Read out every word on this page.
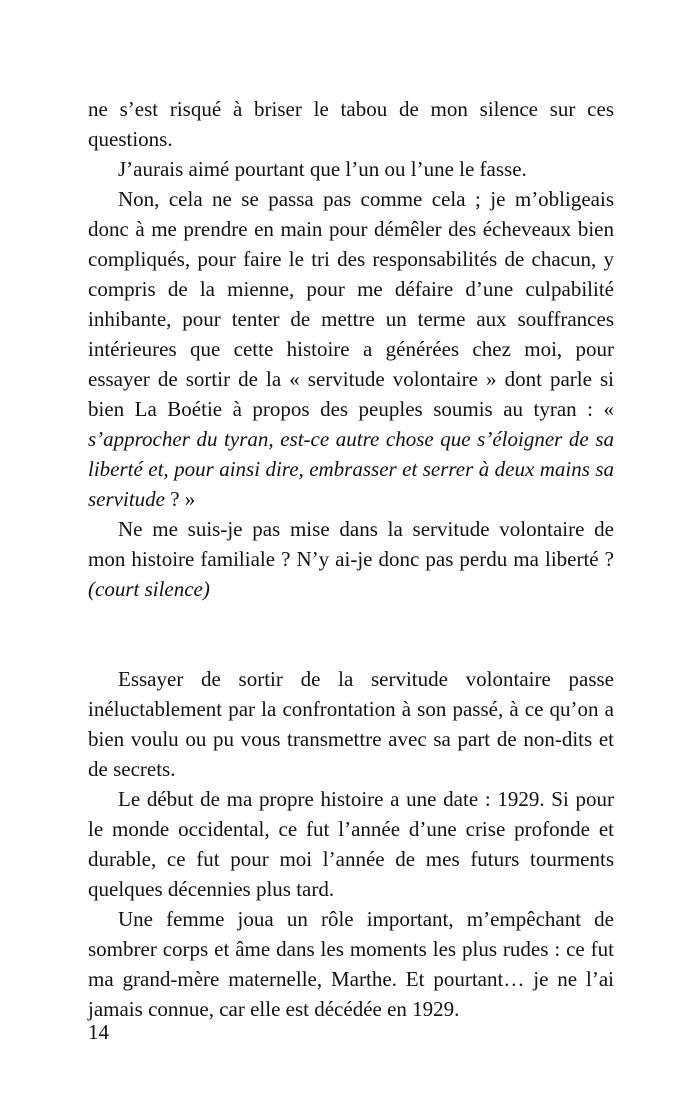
ne s’est risqué à briser le tabou de mon silence sur ces questions.

J’aurais aimé pourtant que l’un ou l’une le fasse.

Non, cela ne se passa pas comme cela ; je m’obligeais donc à me prendre en main pour démêler des écheveaux bien compliqués, pour faire le tri des responsabilités de chacun, y compris de la mienne, pour me défaire d’une culpabilité inhibante, pour tenter de mettre un terme aux souffrances intérieures que cette histoire a générées chez moi, pour essayer de sortir de la « servitude volontaire » dont parle si bien La Boétie à propos des peuples soumis au tyran : « s’approcher du tyran, est-ce autre chose que s’éloigner de sa liberté et, pour ainsi dire, embrasser et serrer à deux mains sa servitude ? »

Ne me suis-je pas mise dans la servitude volontaire de mon histoire familiale ? N’y ai-je donc pas perdu ma liberté ? (court silence)

Essayer de sortir de la servitude volontaire passe inéluctablement par la confrontation à son passé, à ce qu’on a bien voulu ou pu vous transmettre avec sa part de non-dits et de secrets.

Le début de ma propre histoire a une date : 1929. Si pour le monde occidental, ce fut l’année d’une crise profonde et durable, ce fut pour moi l’année de mes futurs tourments quelques décennies plus tard.

Une femme joua un rôle important, m’empêchant de sombrer corps et âme dans les moments les plus rudes : ce fut ma grand-mère maternelle, Marthe. Et pourtant… je ne l’ai jamais connue, car elle est décédée en 1929.

14
